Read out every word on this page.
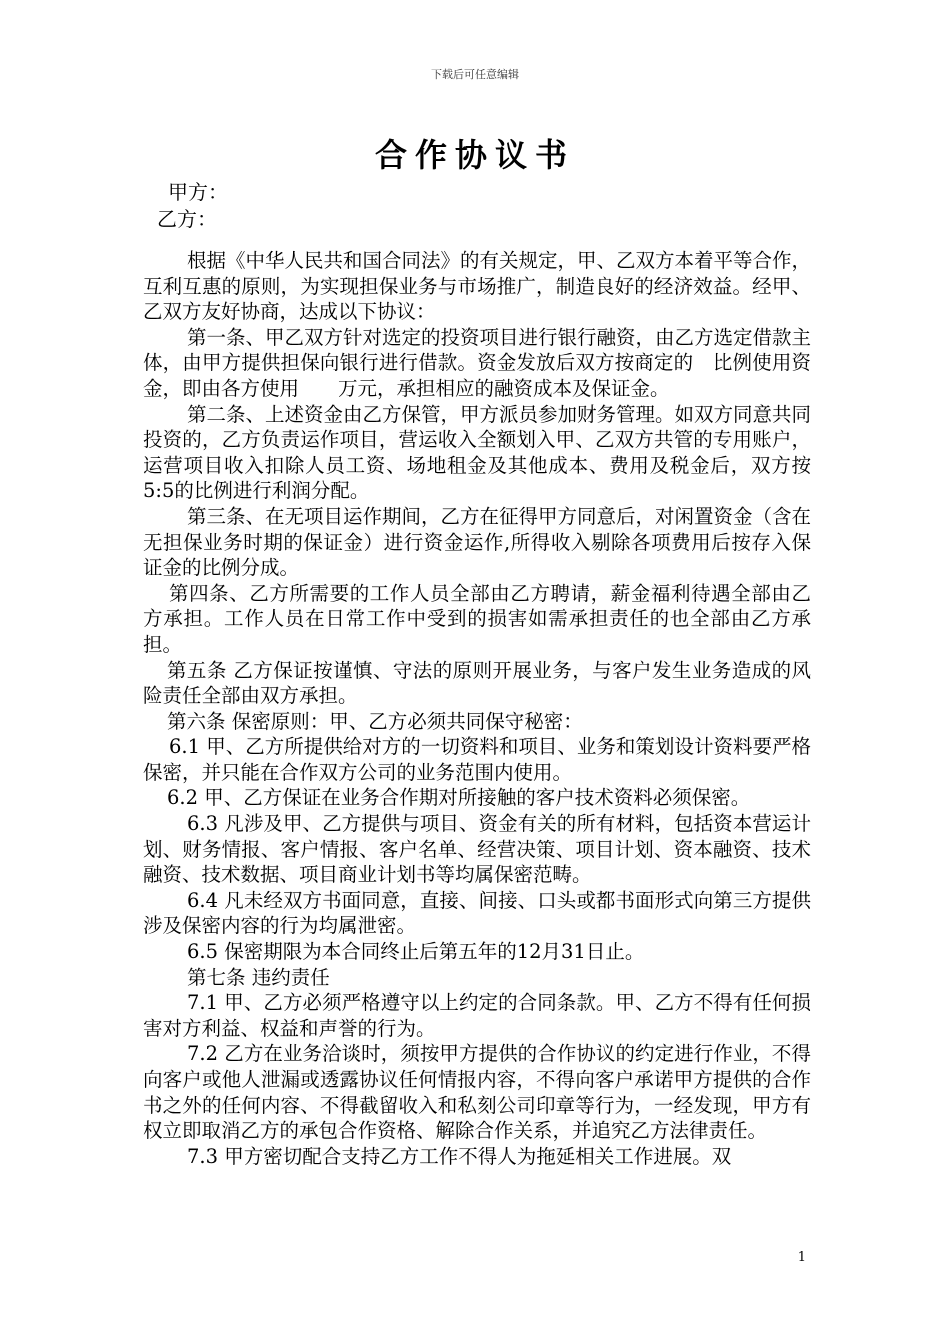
下载后可任意编辑
合作协议书
甲方：
乙方：

根据《中华人民共和国合同法》的有关规定，甲、乙双方本着平等合作，互利互惠的原则，为实现担保业务与市场推广，制造良好的经济效益。经甲、乙双方友好协商，达成以下协议：

第一条、甲乙双方针对选定的投资项目进行银行融资，由乙方选定借款主体，由甲方提供担保向银行进行借款。资金发放后双方按商定的　比例使用资金，即由各方使用　　万元，承担相应的融资成本及保证金。

第二条、上述资金由乙方保管，甲方派员参加财务管理。如双方同意共同投资的，乙方负责运作项目，营运收入全额划入甲、乙双方共管的专用账户，运营项目收入扣除人员工资、场地租金及其他成本、费用及税金后，双方按5:5的比例进行利润分配。

第三条、在无项目运作期间，乙方在征得甲方同意后，对闲置资金（含在无担保业务时期的保证金）进行资金运作,所得收入剔除各项费用后按存入保证金的比例分成。

第四条、乙方所需要的工作人员全部由乙方聘请，薪金福利待遇全部由乙方承担。工作人员在日常工作中受到的损害如需承担责任的也全部由乙方承担。

第五条 乙方保证按谨慎、守法的原则开展业务，与客户发生业务造成的风险责任全部由双方承担。

第六条 保密原则：甲、乙方必须共同保守秘密：

6.1 甲、乙方所提供给对方的一切资料和项目、业务和策划设计资料要严格保密，并只能在合作双方公司的业务范围内使用。

6.2 甲、乙方保证在业务合作期对所接触的客户技术资料必须保密。

6.3 凡涉及甲、乙方提供与项目、资金有关的所有材料，包括资本营运计划、财务情报、客户情报、客户名单、经营决策、项目计划、资本融资、技术融资、技术数据、项目商业计划书等均属保密范畴。

6.4 凡未经双方书面同意，直接、间接、口头或都书面形式向第三方提供涉及保密内容的行为均属泄密。

6.5 保密期限为本合同终止后第五年的12月31日止。

第七条 违约责任

7.1 甲、乙方必须严格遵守以上约定的合同条款。甲、乙方不得有任何损害对方利益、权益和声誉的行为。

7.2 乙方在业务洽谈时，须按甲方提供的合作协议的约定进行作业，不得向客户或他人泄漏或透露协议任何情报内容，不得向客户承诺甲方提供的合作书之外的任何内容、不得截留收入和私刻公司印章等行为，一经发现，甲方有权立即取消乙方的承包合作资格、解除合作关系，并追究乙方法律责任。

7.3 甲方密切配合支持乙方工作不得人为拖延相关工作进展。双

1
